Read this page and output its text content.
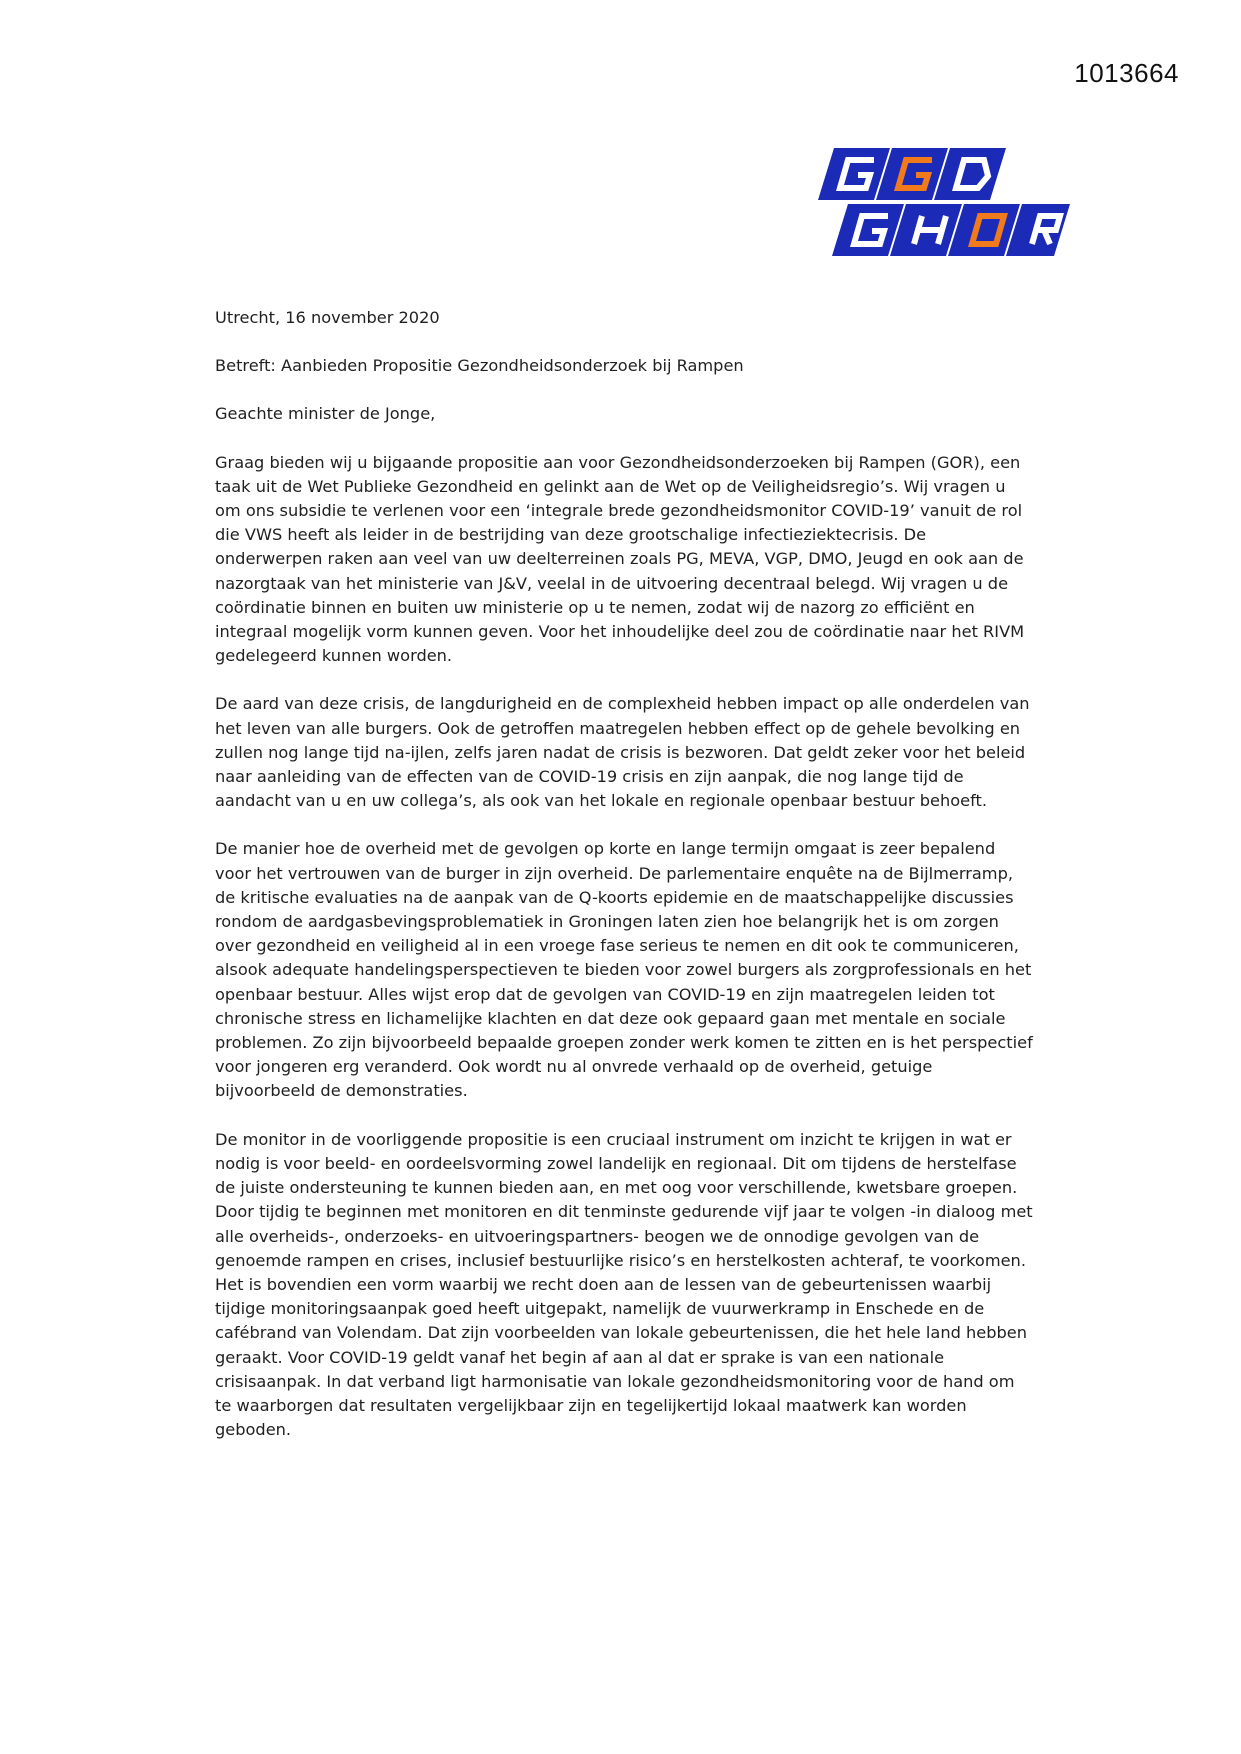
1013664

Utrecht, 16 november 2020

Betreft: Aanbieden Propositie Gezondheidsonderzoek bij Rampen

Geachte minister de Jonge,

Graag bieden wij u bijgaande propositie aan voor Gezondheidsonderzoeken bij Rampen (GOR), een taak uit de Wet Publieke Gezondheid en gelinkt aan de Wet op de Veiligheidsregio’s. Wij vragen u om ons subsidie te verlenen voor een ‘integrale brede gezondheidsmonitor COVID-19’ vanuit de rol die VWS heeft als leider in de bestrijding van deze grootschalige infectieziektecrisis. De onderwerpen raken aan veel van uw deelterreinen zoals PG, MEVA, VGP, DMO, Jeugd en ook aan de nazorgtaak van het ministerie van J&V, veelal in de uitvoering decentraal belegd. Wij vragen u de coördinatie binnen en buiten uw ministerie op u te nemen, zodat wij de nazorg zo efficiënt en integraal mogelijk vorm kunnen geven. Voor het inhoudelijke deel zou de coördinatie naar het RIVM gedelegeerd kunnen worden.

De aard van deze crisis, de langdurigheid en de complexheid hebben impact op alle onderdelen van het leven van alle burgers. Ook de getroffen maatregelen hebben effect op de gehele bevolking en zullen nog lange tijd na-ijlen, zelfs jaren nadat de crisis is bezworen. Dat geldt zeker voor het beleid naar aanleiding van de effecten van de COVID-19 crisis en zijn aanpak, die nog lange tijd de aandacht van u en uw collega’s, als ook van het lokale en regionale openbaar bestuur behoeft.

De manier hoe de overheid met de gevolgen op korte en lange termijn omgaat is zeer bepalend voor het vertrouwen van de burger in zijn overheid. De parlementaire enquête na de Bijlmerramp, de kritische evaluaties na de aanpak van de Q-koorts epidemie en de maatschappelijke discussies rondom de aardgasbevingsproblematiek in Groningen laten zien hoe belangrijk het is om zorgen over gezondheid en veiligheid al in een vroege fase serieus te nemen en dit ook te communiceren, alsook adequate handelingsperspectieven te bieden voor zowel burgers als zorgprofessionals en het openbaar bestuur. Alles wijst erop dat de gevolgen van COVID-19 en zijn maatregelen leiden tot chronische stress en lichamelijke klachten en dat deze ook gepaard gaan met mentale en sociale problemen. Zo zijn bijvoorbeeld bepaalde groepen zonder werk komen te zitten en is het perspectief voor jongeren erg veranderd. Ook wordt nu al onvrede verhaald op de overheid, getuige bijvoorbeeld de demonstraties.

De monitor in de voorliggende propositie is een cruciaal instrument om inzicht te krijgen in wat er nodig is voor beeld- en oordeelsvorming zowel landelijk en regionaal. Dit om tijdens de herstelfase de juiste ondersteuning te kunnen bieden aan, en met oog voor verschillende, kwetsbare groepen. Door tijdig te beginnen met monitoren en dit tenminste gedurende vijf jaar te volgen -in dialoog met alle overheids-, onderzoeks- en uitvoeringspartners- beogen we de onnodige gevolgen van de genoemde rampen en crises, inclusief bestuurlijke risico’s en herstelkosten achteraf, te voorkomen. Het is bovendien een vorm waarbij we recht doen aan de lessen van de gebeurtenissen waarbij tijdige monitoringsaanpak goed heeft uitgepakt, namelijk de vuurwerkramp in Enschede en de cafébrand van Volendam. Dat zijn voorbeelden van lokale gebeurtenissen, die het hele land hebben geraakt. Voor COVID-19 geldt vanaf het begin af aan al dat er sprake is van een nationale crisisaanpak. In dat verband ligt harmonisatie van lokale gezondheidsmonitoring voor de hand om te waarborgen dat resultaten vergelijkbaar zijn en tegelijkertijd lokaal maatwerk kan worden geboden.
